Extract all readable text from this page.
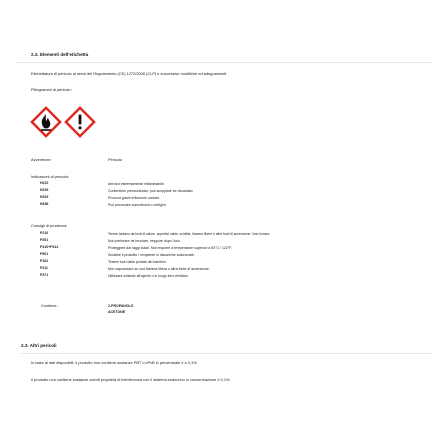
2.2. Elementi dell'etichetta
Etichettatura di pericolo ai sensi del Regolamento (CE) 1272/2008 (CLP) e successive modifiche ed adeguamenti.
Pittogrammi di pericolo:
Avvertenze:	Pericolo
Indicazioni di pericolo:
H222	Aerosol estremamente infiammabile.
H229	Contenitore pressurizzato: può scoppiare se riscaldato.
H319	Provoca grave irritazione oculare.
H336	Può provocare sonnolenza o vertigini.
Consigli di prudenza:
P210	Tenere lontano da fonti di calore, superfici calde, scintille, fiamme libere e altre fonti di accensione. Non fumare.
P251	Non perforare né bruciare, neppure dopo l'uso.
P410+P412	Proteggere dai raggi solari. Non esporre a temperature superiori a 50°C / 122°F.
P501	Smaltire il prodotto / recipiente in discariche autorizzate.
P102	Tenere fuori dalla portata dei bambini.
P211	Non vaporizzare su una fiamma libera o altra fonte di accensione.
P271	Utilizzare soltanto all'aperto o in luogo ben ventilato.
Contiene:	2-PROPANOLO
ACETONE
2.3. Altri pericoli
In base ai dati disponibili, il prodotto non contiene sostanze PBT o vPvB in percentuale ≥ a 0,1%.
Il prodotto non contiene sostanze aventi proprietà di interferenza con il sistema endocrino in concentrazione ≥ 0,1%.
